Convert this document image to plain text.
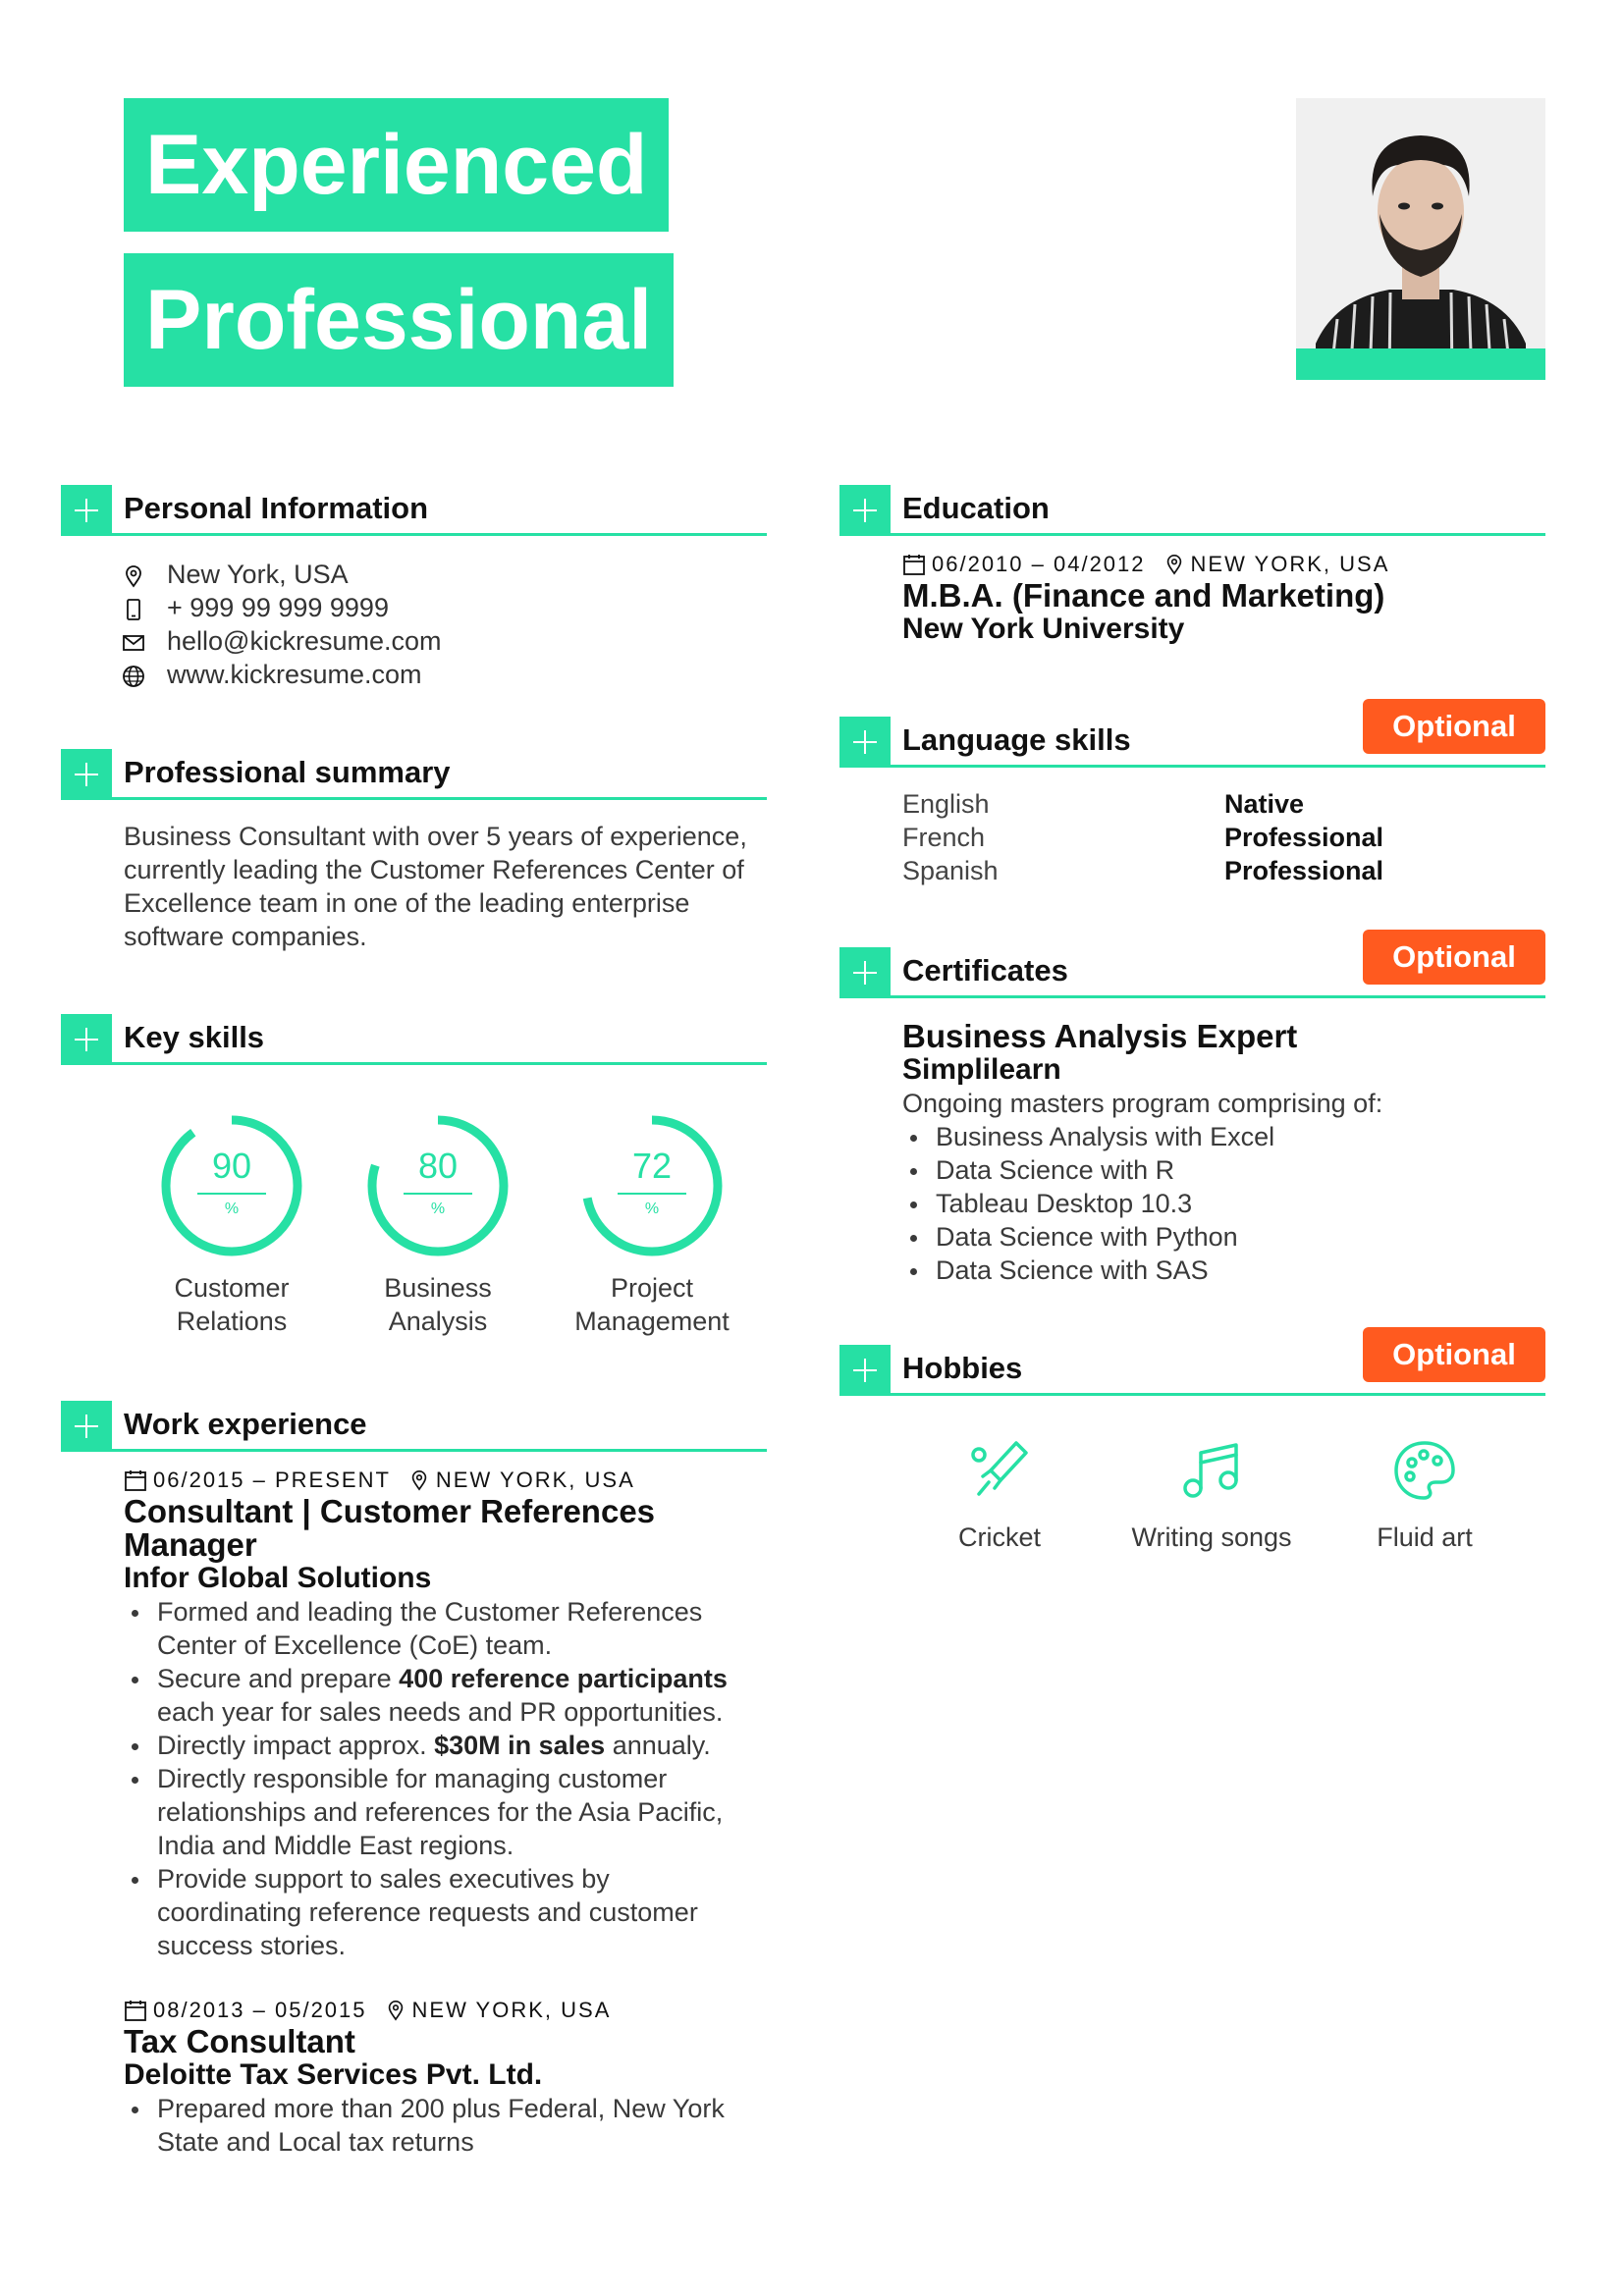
Experienced
Professional
Personal Information
New York, USA
+ 999 99 999 9999
hello@kickresume.com
www.kickresume.com
Professional summary
Business Consultant with over 5 years of experience,
currently leading the Customer References Center of
Excellence team in one of the leading enterprise
software companies.
Key skills
90
%
Customer
Relations
80
%
Business
Analysis
72
%
Project
Management
Work experience
06/2015 – PRESENT NEW YORK, USA
Consultant | Customer References
Manager
Infor Global Solutions
Formed and leading the Customer References
Center of Excellence (CoE) team.
Secure and prepare 400 reference participants
each year for sales needs and PR opportunities.
Directly impact approx. $30M in sales annualy.
Directly responsible for managing customer
relationships and references for the Asia Pacific,
India and Middle East regions.
Provide support to sales executives by
coordinating reference requests and customer
success stories.
08/2013 – 05/2015 NEW YORK, USA
Tax Consultant
Deloitte Tax Services Pvt. Ltd.
Prepared more than 200 plus Federal, New York
State and Local tax returns
Education
06/2010 – 04/2012 NEW YORK, USA
M.B.A. (Finance and Marketing)
New York University
Language skills	Optional
English	Native
French	Professional
Spanish	Professional
Certificates	Optional
Business Analysis Expert
Simplilearn
Ongoing masters program comprising of:
Business Analysis with Excel
Data Science with R
Tableau Desktop 10.3
Data Science with Python
Data Science with SAS
Hobbies	Optional
Cricket	Writing songs	Fluid art
